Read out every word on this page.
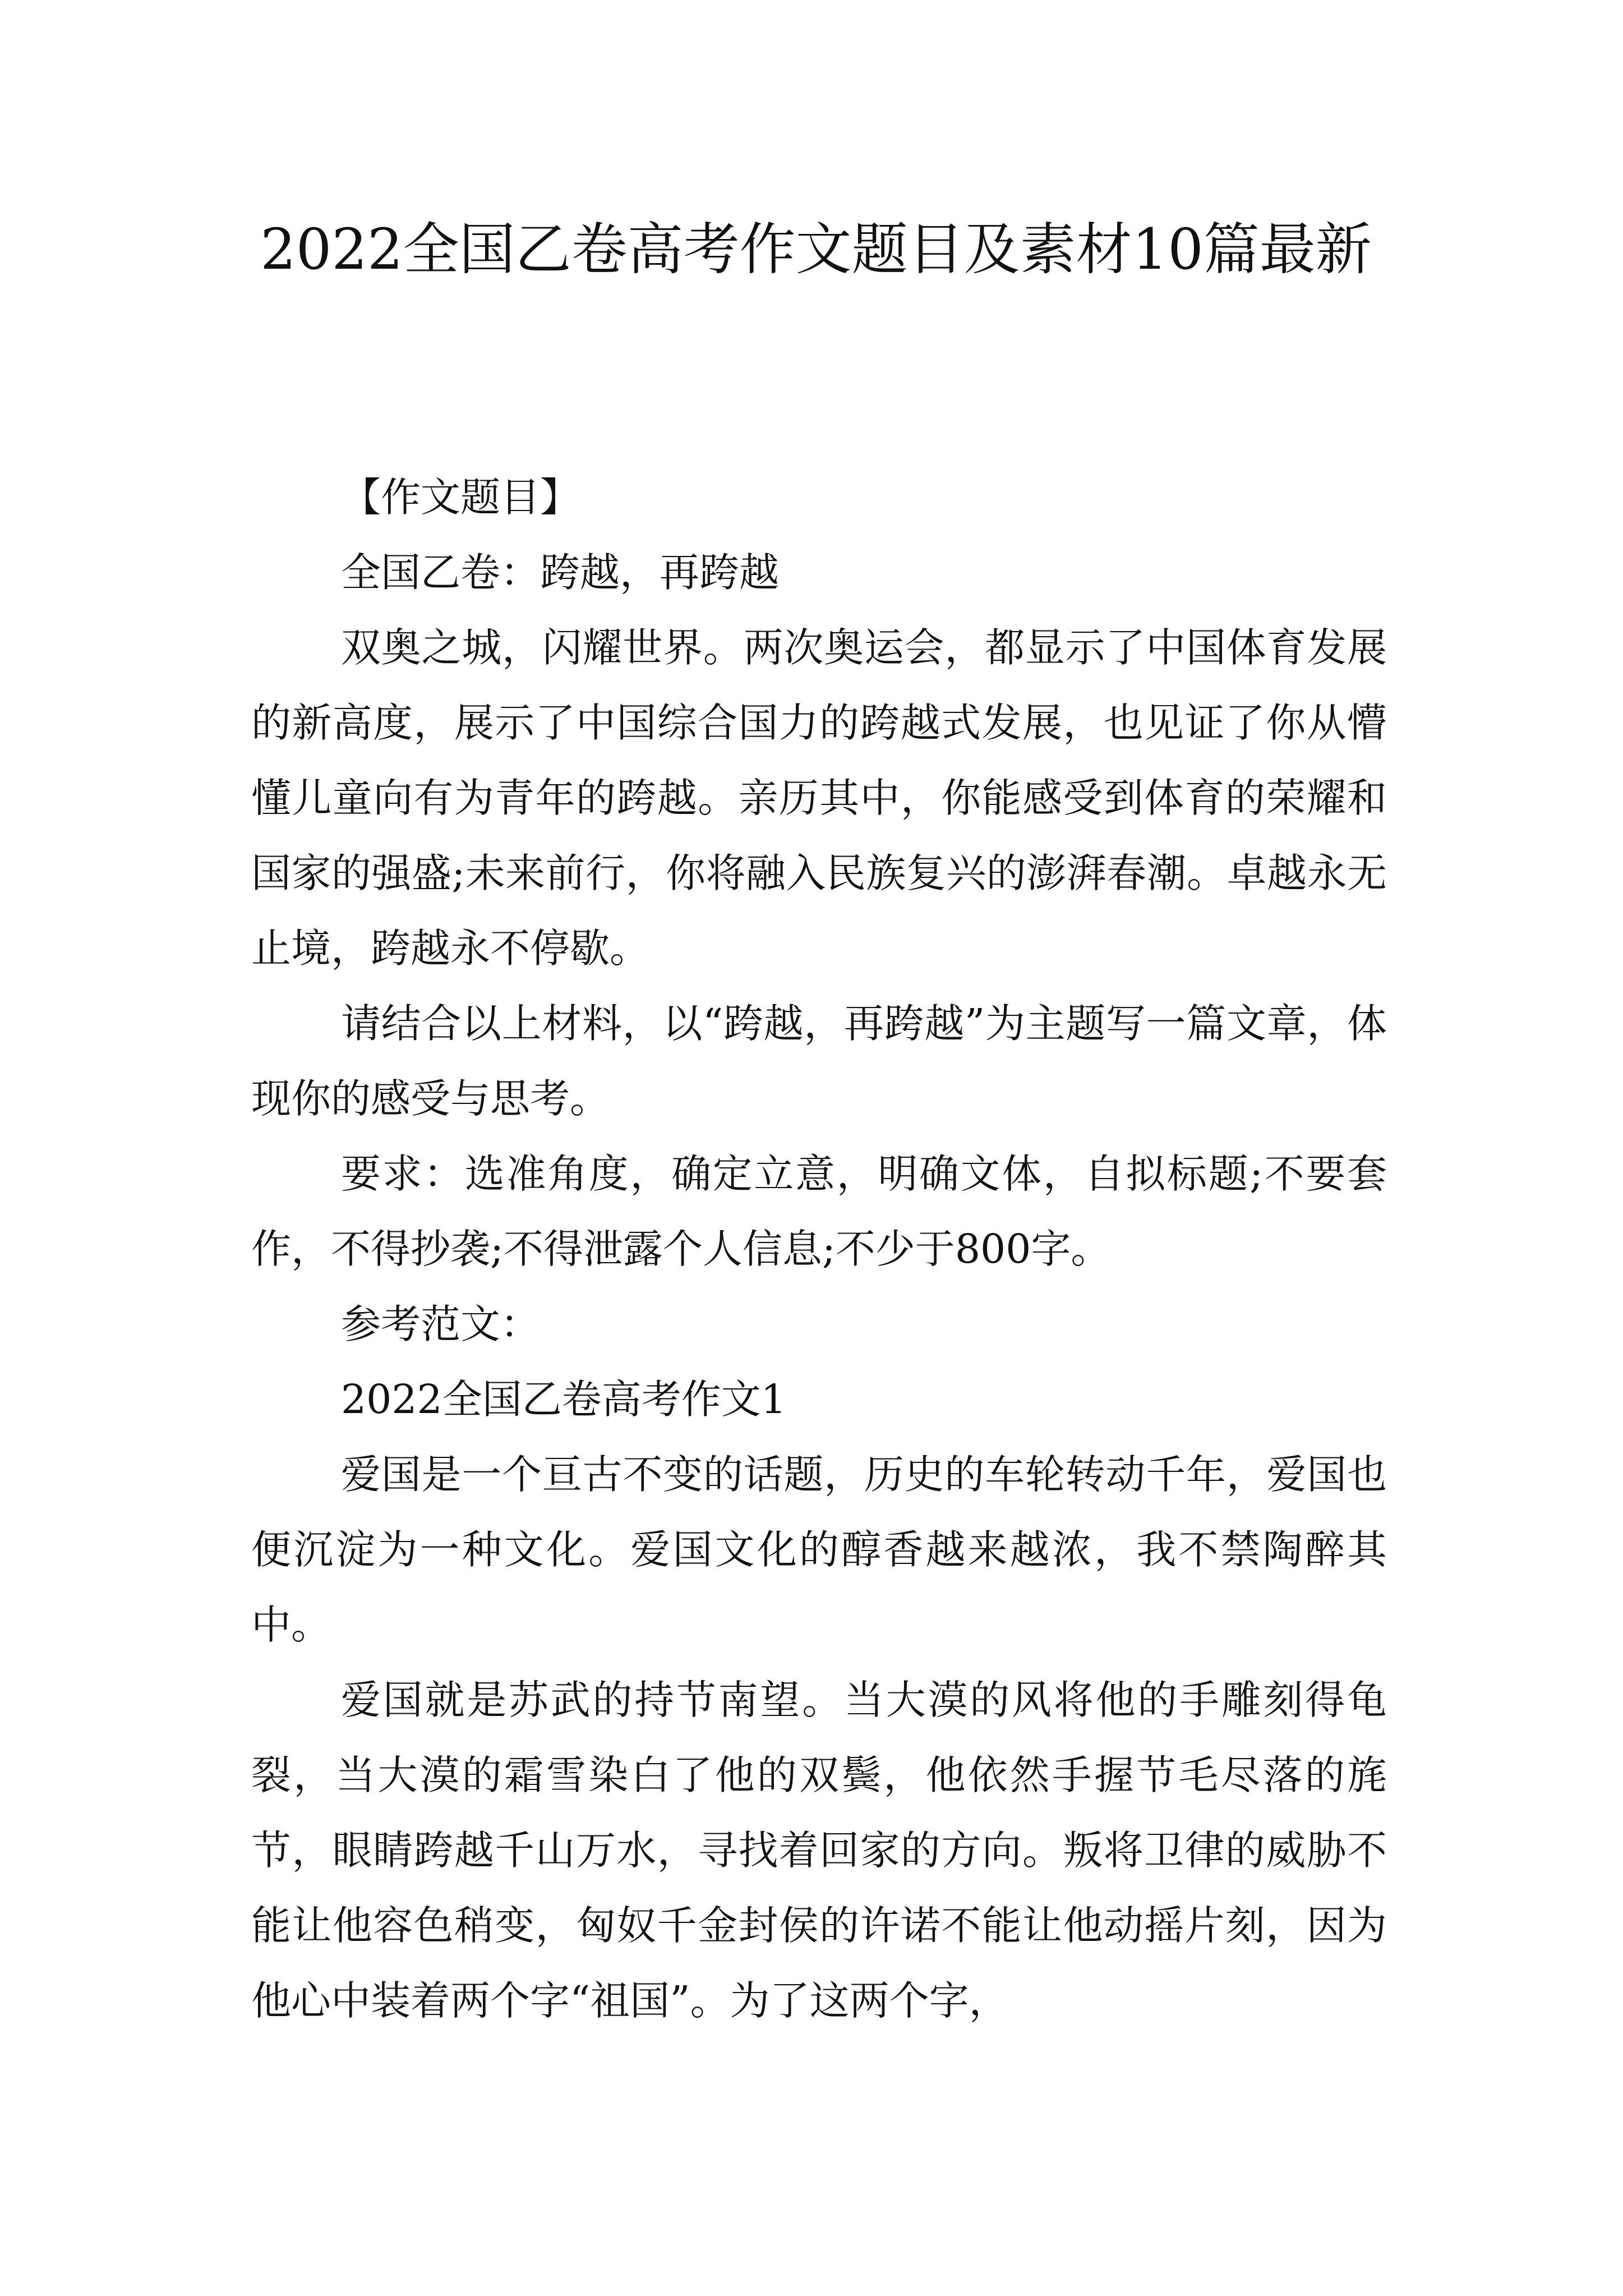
2022全国乙卷高考作文题目及素材10篇最新

【作文题目】

全国乙卷：跨越，再跨越

双奥之城，闪耀世界。两次奥运会，都显示了中国体育发展的新高度，展示了中国综合国力的跨越式发展，也见证了你从懵懂儿童向有为青年的跨越。亲历其中，你能感受到体育的荣耀和国家的强盛;未来前行，你将融入民族复兴的澎湃春潮。卓越永无止境，跨越永不停歇。

请结合以上材料，以“跨越，再跨越”为主题写一篇文章，体现你的感受与思考。

要求：选准角度，确定立意，明确文体，自拟标题;不要套作，不得抄袭;不得泄露个人信息;不少于800字。

参考范文：

2022全国乙卷高考作文1

爱国是一个亘古不变的话题，历史的车轮转动千年，爱国也便沉淀为一种文化。爱国文化的醇香越来越浓，我不禁陶醉其中。

爱国就是苏武的持节南望。当大漠的风将他的手雕刻得龟裂，当大漠的霜雪染白了他的双鬓，他依然手握节毛尽落的旄节，眼睛跨越千山万水，寻找着回家的方向。叛将卫律的威胁不能让他容色稍变，匈奴千金封侯的许诺不能让他动摇片刻，因为他心中装着两个字“祖国”。为了这两个字，
